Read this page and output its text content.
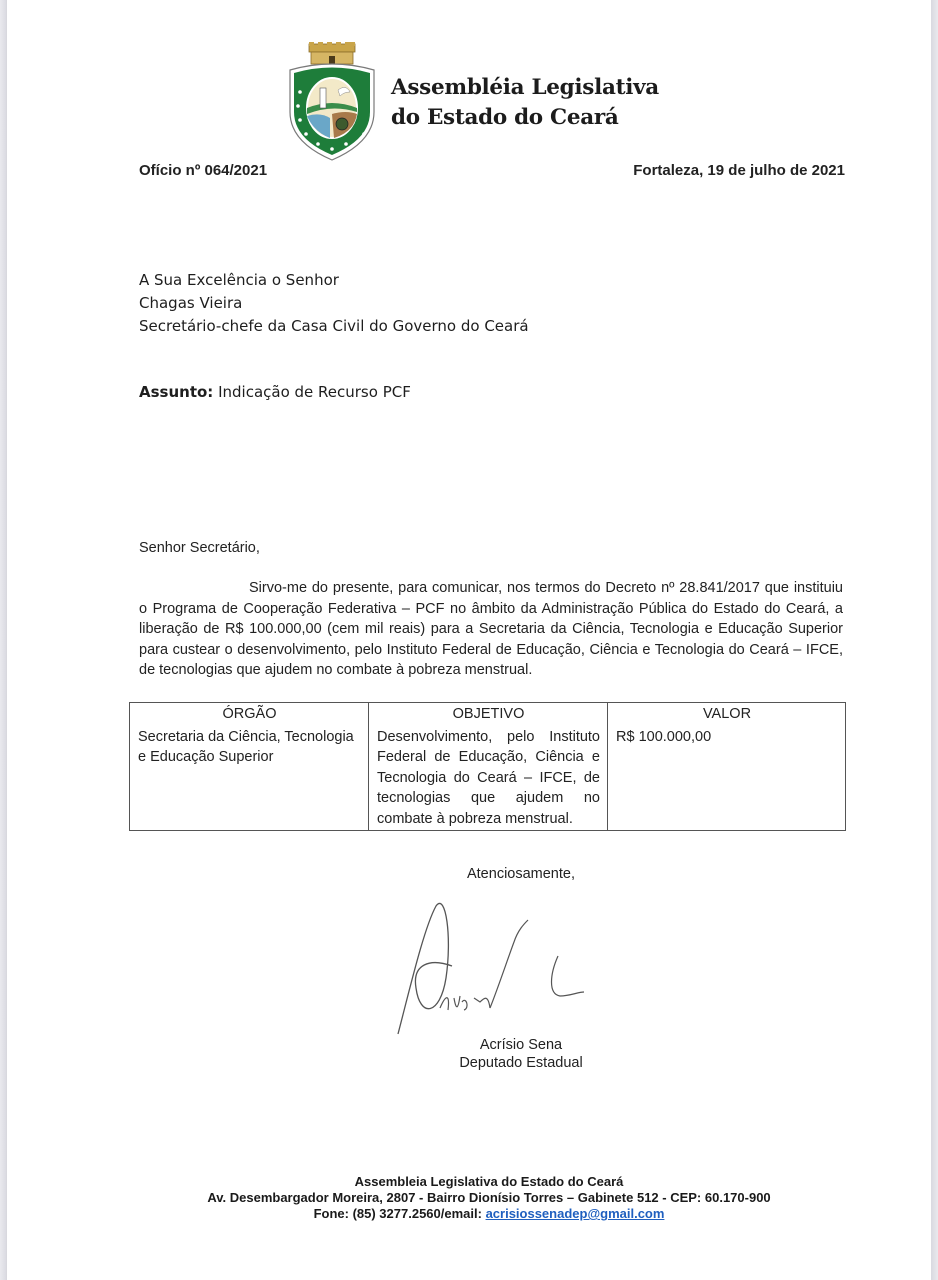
Assembléia Legislativa
do Estado do Ceará
Ofício nº 064/2021	Fortaleza, 19 de julho de 2021
A Sua Excelência o Senhor
Chagas Vieira
Secretário-chefe da Casa Civil do Governo do Ceará
Assunto: Indicação de Recurso PCF
Senhor Secretário,
Sirvo-me do presente, para comunicar, nos termos do Decreto nº 28.841/2017 que instituiu o Programa de Cooperação Federativa – PCF no âmbito da Administração Pública do Estado do Ceará, a liberação de R$ 100.000,00 (cem mil reais) para a Secretaria da Ciência, Tecnologia e Educação Superior para custear o desenvolvimento, pelo Instituto Federal de Educação, Ciência e Tecnologia do Ceará – IFCE, de tecnologias que ajudem no combate à pobreza menstrual.
ÓRGÃO	OBJETIVO	VALOR
Secretaria da Ciência, Tecnologia e Educação Superior	Desenvolvimento, pelo Instituto Federal de Educação, Ciência e Tecnologia do Ceará – IFCE, de tecnologias que ajudem no combate à pobreza menstrual.	R$ 100.000,00
Atenciosamente,
Acrísio Sena
Deputado Estadual
Assembleia Legislativa do Estado do Ceará
Av. Desembargador Moreira, 2807 - Bairro Dionísio Torres – Gabinete 512 - CEP: 60.170-900
Fone: (85) 3277.2560/email: acrisiossenadep@gmail.com
